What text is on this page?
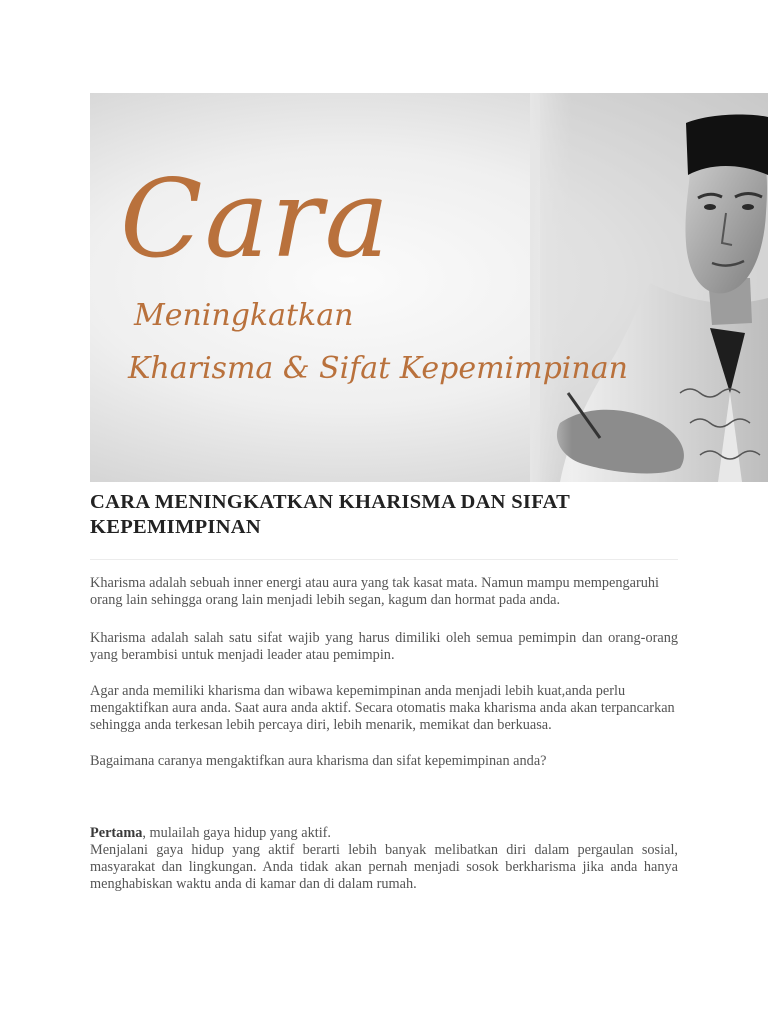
Cara
Meningkatkan
Kharisma & Sifat Kepemimpinan
CARA MENINGKATKAN KHARISMA DAN SIFAT
KEPEMIMPINAN

Kharisma adalah sebuah inner energi atau aura yang tak kasat mata. Namun mampu mempengaruhi orang lain sehingga orang lain menjadi lebih segan, kagum dan hormat pada anda.

Kharisma adalah salah satu sifat wajib yang harus dimiliki oleh semua pemimpin dan orang-orang yang berambisi untuk menjadi leader atau pemimpin.

Agar anda memiliki kharisma dan wibawa kepemimpinan anda menjadi lebih kuat,anda perlu mengaktifkan aura anda. Saat aura anda aktif. Secara otomatis maka kharisma anda akan terpancarkan sehingga anda terkesan lebih percaya diri, lebih menarik, memikat dan berkuasa.

Bagaimana caranya mengaktifkan aura kharisma dan sifat kepemimpinan anda?

Pertama, mulailah gaya hidup yang aktif.
Menjalani gaya hidup yang aktif berarti lebih banyak melibatkan diri dalam pergaulan sosial, masyarakat dan lingkungan. Anda tidak akan pernah menjadi sosok berkharisma jika anda hanya menghabiskan waktu anda di kamar dan di dalam rumah.
